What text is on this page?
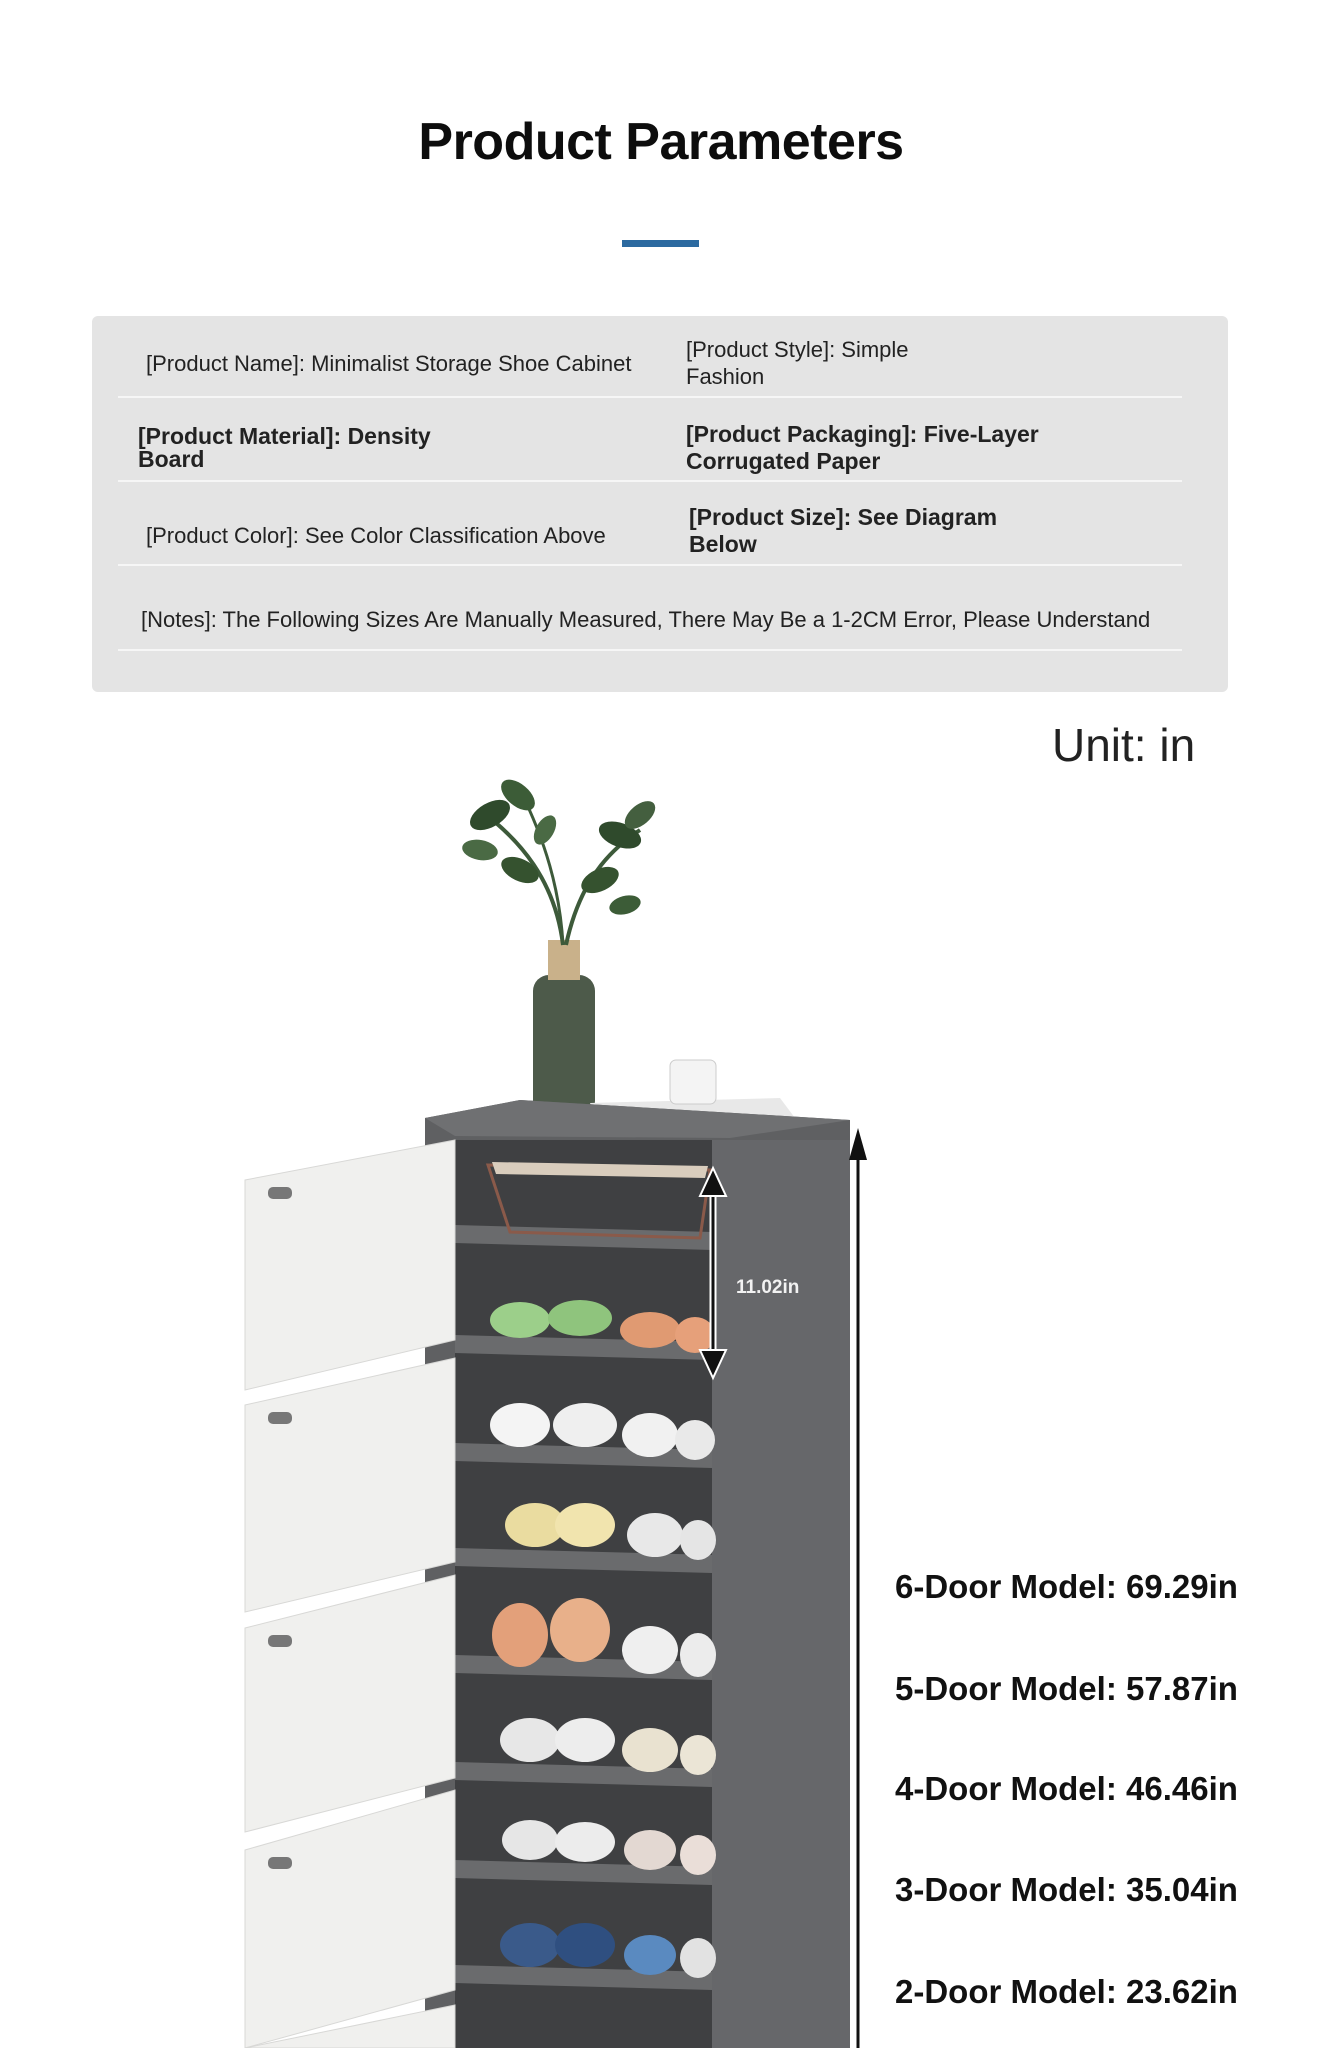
Product Parameters
[Product Name]: Minimalist Storage Shoe Cabinet
[Product Style]: Simple
Fashion
[Product Material]: Density
Board
[Product Packaging]: Five-Layer
Corrugated Paper
[Product Color]: See Color Classification Above
[Product Size]: See Diagram
Below
[Notes]: The Following Sizes Are Manually Measured, There May Be a 1-2CM Error, Please Understand
Unit: in
11.02in
6-Door Model: 69.29in
5-Door Model: 57.87in
4-Door Model: 46.46in
3-Door Model: 35.04in
2-Door Model: 23.62in
